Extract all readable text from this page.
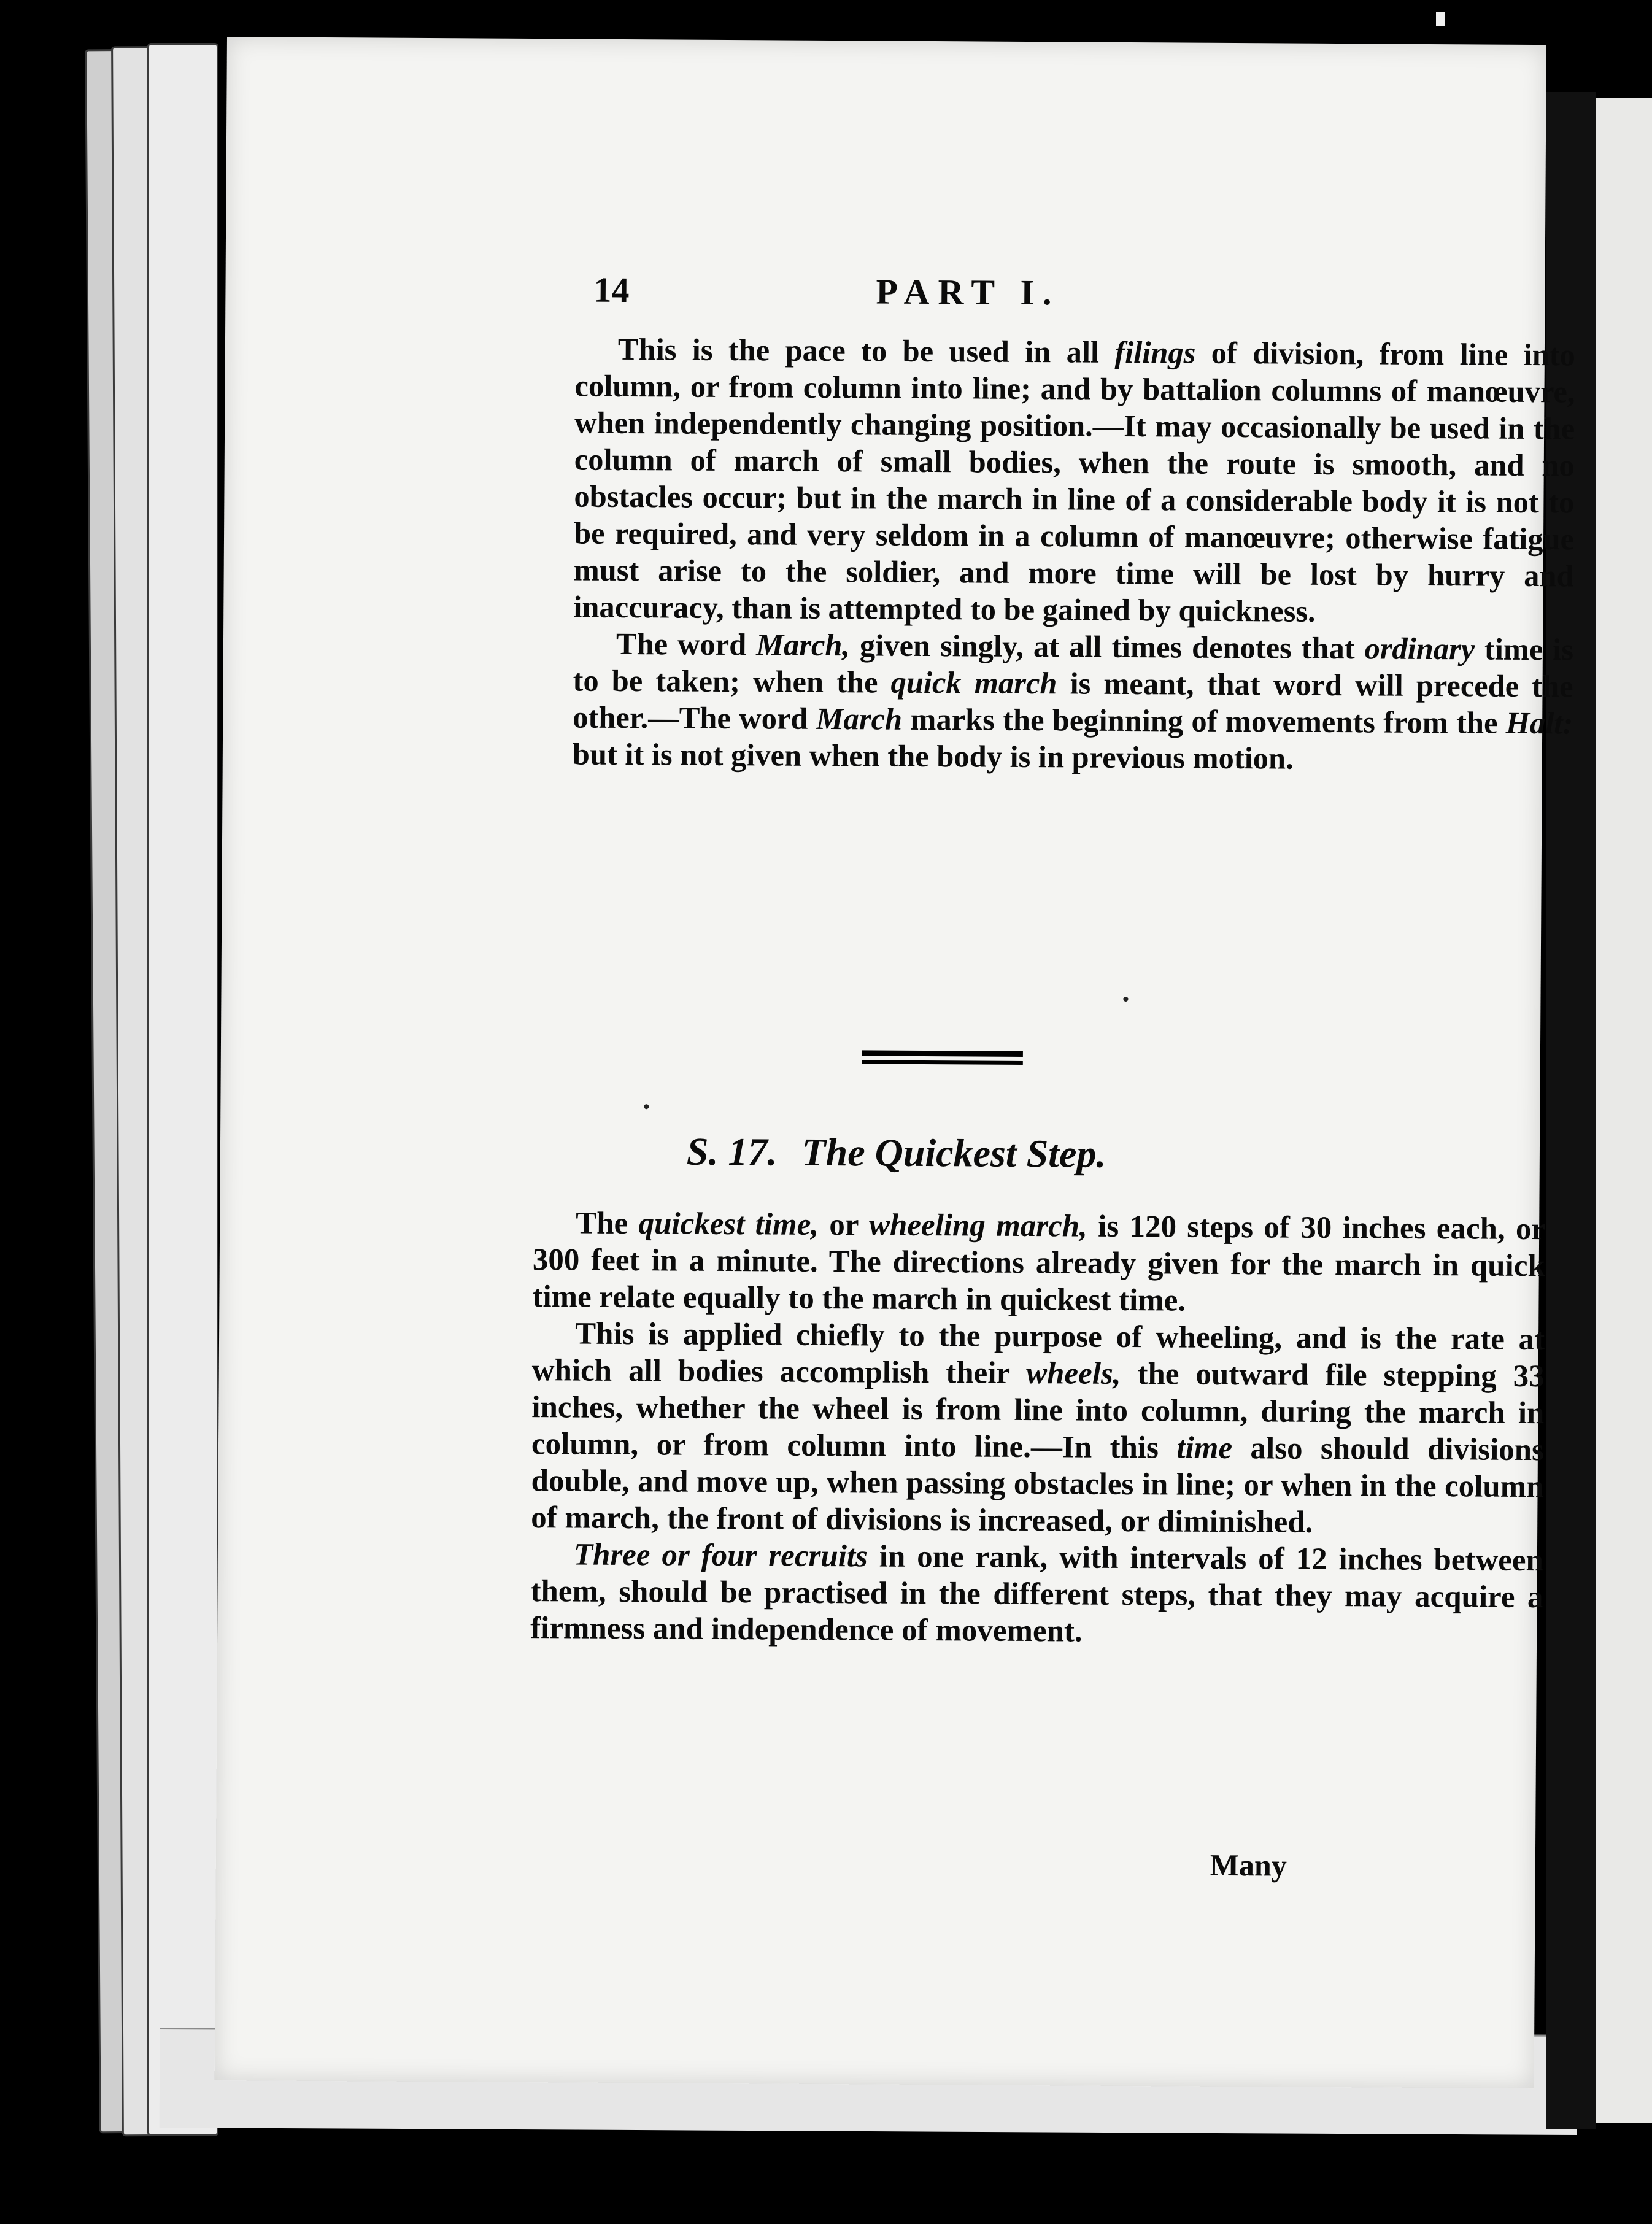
14	PART I.

This is the pace to be used in all filings of division, from line into column, or from column into line; and by battalion columns of manœuvre, when independently changing position.—It may occasionally be used in the column of march of small bodies, when the route is smooth, and no obstacles occur; but in the march in line of a considerable body it is not to be required, and very seldom in a column of manœuvre; otherwise fatigue must arise to the soldier, and more time will be lost by hurry and inaccuracy, than is attempted to be gained by quickness.

The word March, given singly, at all times denotes that ordinary time is to be taken; when the quick march is meant, that word will precede the other.—The word March marks the beginning of movements from the Halt: but it is not given when the body is in previous motion.

S. 17. The Quickest Step.

The quickest time, or wheeling march, is 120 steps of 30 inches each, or 300 feet in a minute. The directions already given for the march in quick time relate equally to the march in quickest time.

This is applied chiefly to the purpose of wheeling, and is the rate at which all bodies accomplish their wheels, the outward file stepping 33 inches, whether the wheel is from line into column, during the march in column, or from column into line.—In this time also should divisions double, and move up, when passing obstacles in line; or when in the column of march, the front of divisions is increased, or diminished.

Three or four recruits in one rank, with intervals of 12 inches between them, should be practised in the different steps, that they may acquire a firmness and independence of movement.

Many
